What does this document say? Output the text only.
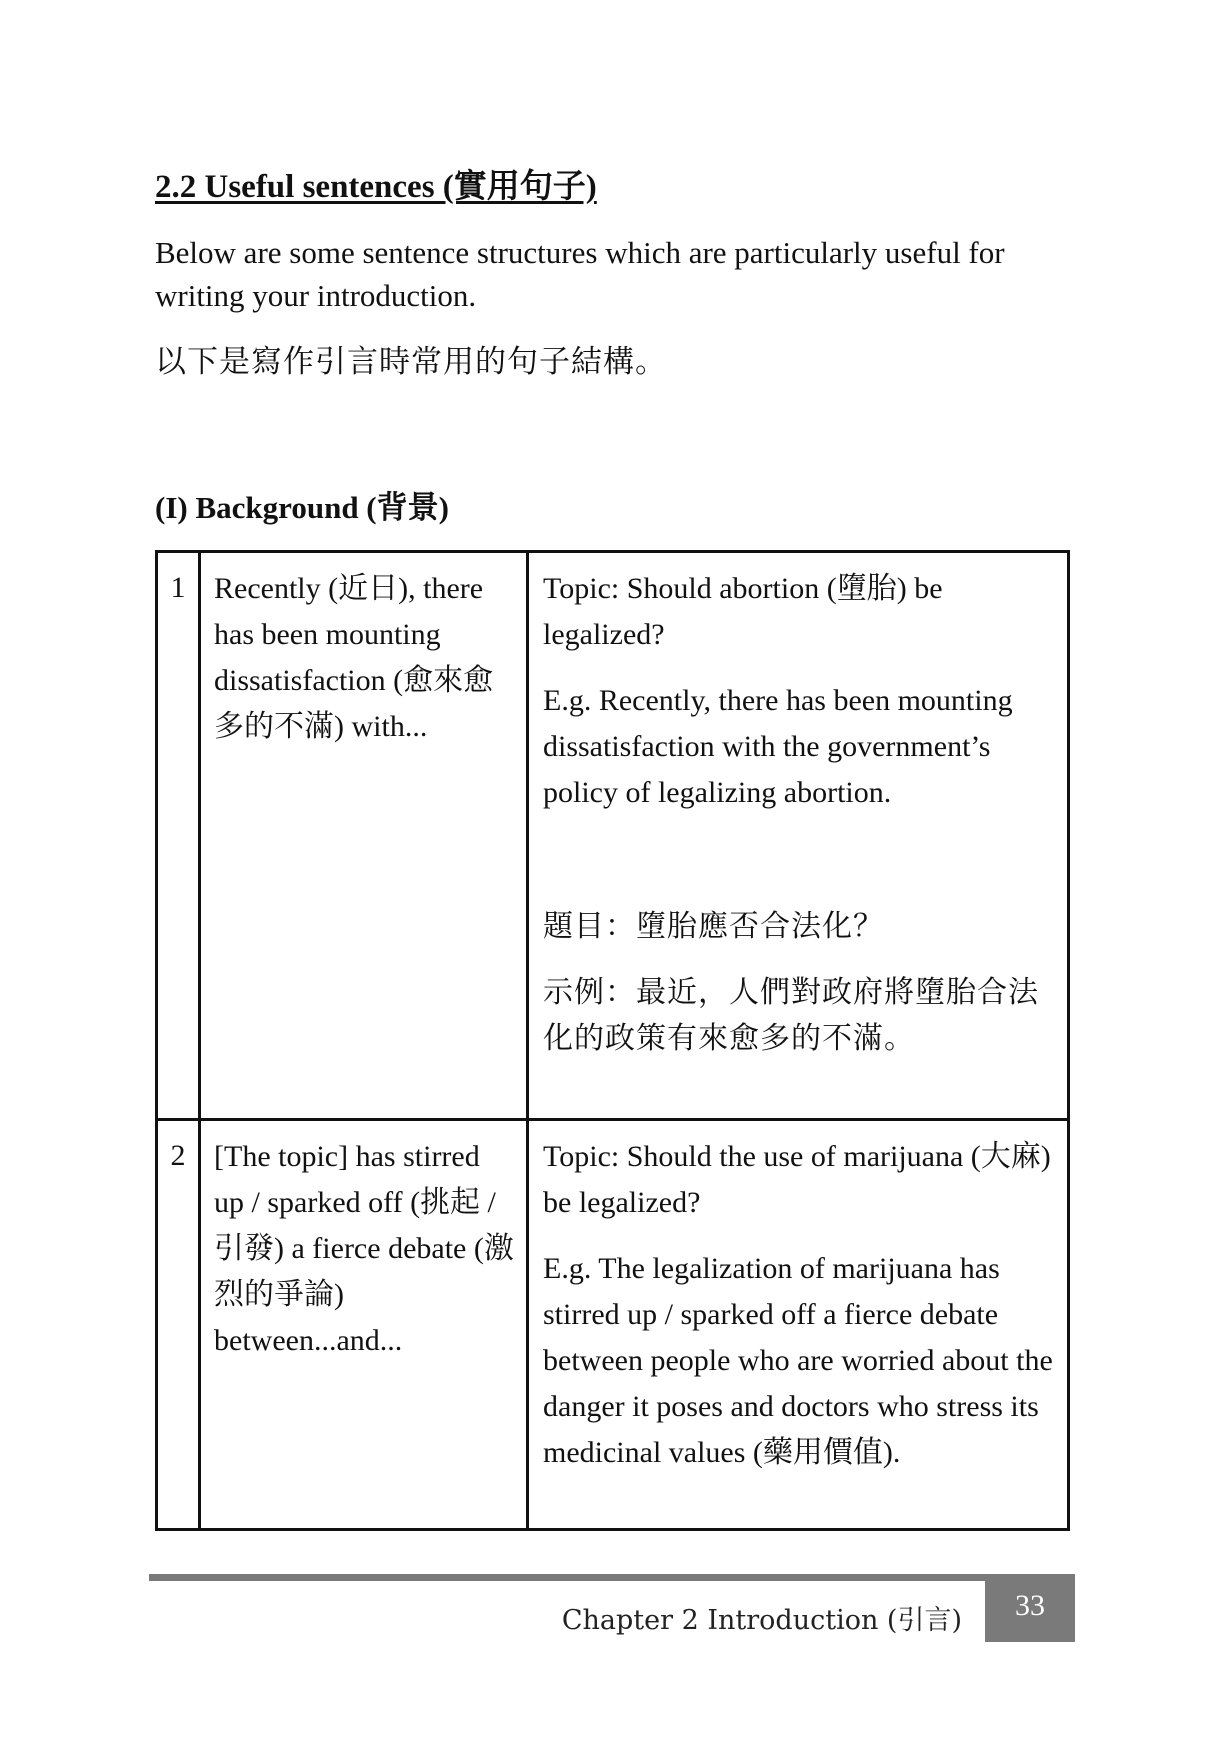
2.2 Useful sentences (實用句子)

Below are some sentence structures which are particularly useful for writing your introduction.

以下是寫作引言時常用的句子結構。

(I) Background (背景)
1	Recently (近日), there has been mounting dissatisfaction (愈來愈多的不滿) with...	Topic: Should abortion (墮胎) be legalized?

E.g. Recently, there has been mounting dissatisfaction with the government’s policy of legalizing abortion.

題目：墮胎應否合法化？

示例：最近，人們對政府將墮胎合法化的政策有來愈多的不滿。

2	[The topic] has stirred up / sparked off (挑起 / 引發) a fierce debate (激烈的爭論) between...and...	Topic: Should the use of marijuana (大麻) be legalized?

E.g. The legalization of marijuana has stirred up / sparked off a fierce debate between people who are worried about the danger it poses and doctors who stress its medicinal values (藥用價值).

Chapter 2 Introduction (引言)	33
